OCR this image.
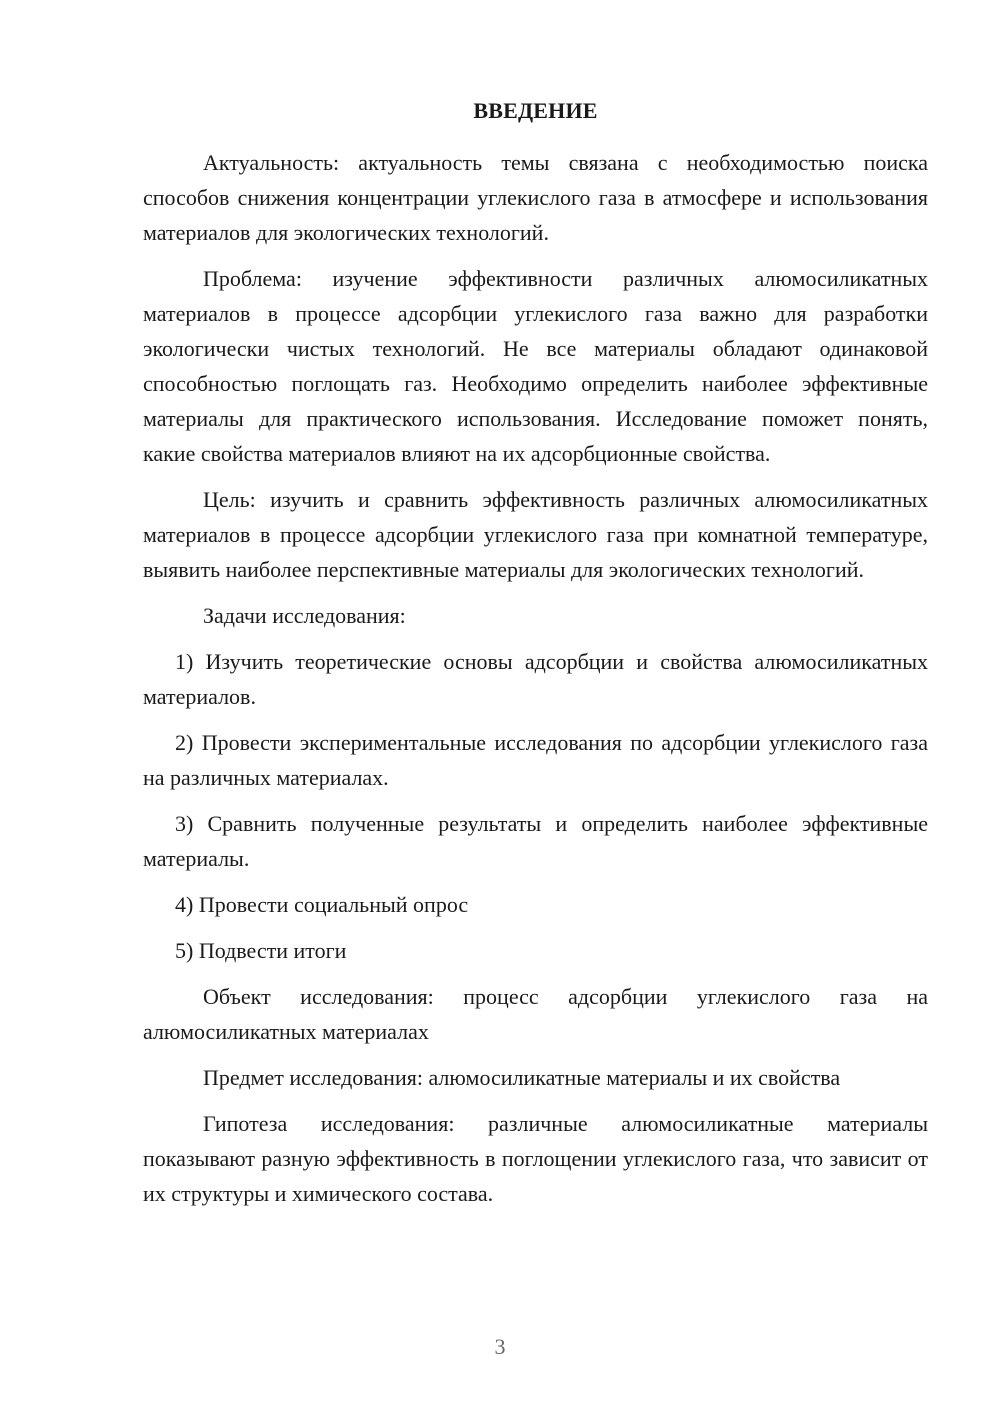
ВВЕДЕНИЕ

Актуальность: актуальность темы связана с необходимостью поиска способов снижения концентрации углекислого газа в атмосфере и использования материалов для экологических технологий.

Проблема: изучение эффективности различных алюмосиликатных материалов в процессе адсорбции углекислого газа важно для разработки экологически чистых технологий. Не все материалы обладают одинаковой способностью поглощать газ. Необходимо определить наиболее эффективные материалы для практического использования. Исследование поможет понять, какие свойства материалов влияют на их адсорбционные свойства.

Цель: изучить и сравнить эффективность различных алюмосиликатных материалов в процессе адсорбции углекислого газа при комнатной температуре, выявить наиболее перспективные материалы для экологических технологий.

Задачи исследования:

1) Изучить теоретические основы адсорбции и свойства алюмосиликатных материалов.

2) Провести экспериментальные исследования по адсорбции углекислого газа на различных материалах.

3) Сравнить полученные результаты и определить наиболее эффективные материалы.

4) Провести социальный опрос

5) Подвести итоги

Объект исследования: процесс адсорбции углекислого газа на алюмосиликатных материалах

Предмет исследования: алюмосиликатные материалы и их свойства

Гипотеза исследования: различные алюмосиликатные материалы показывают разную эффективность в поглощении углекислого газа, что зависит от их структуры и химического состава.

3
